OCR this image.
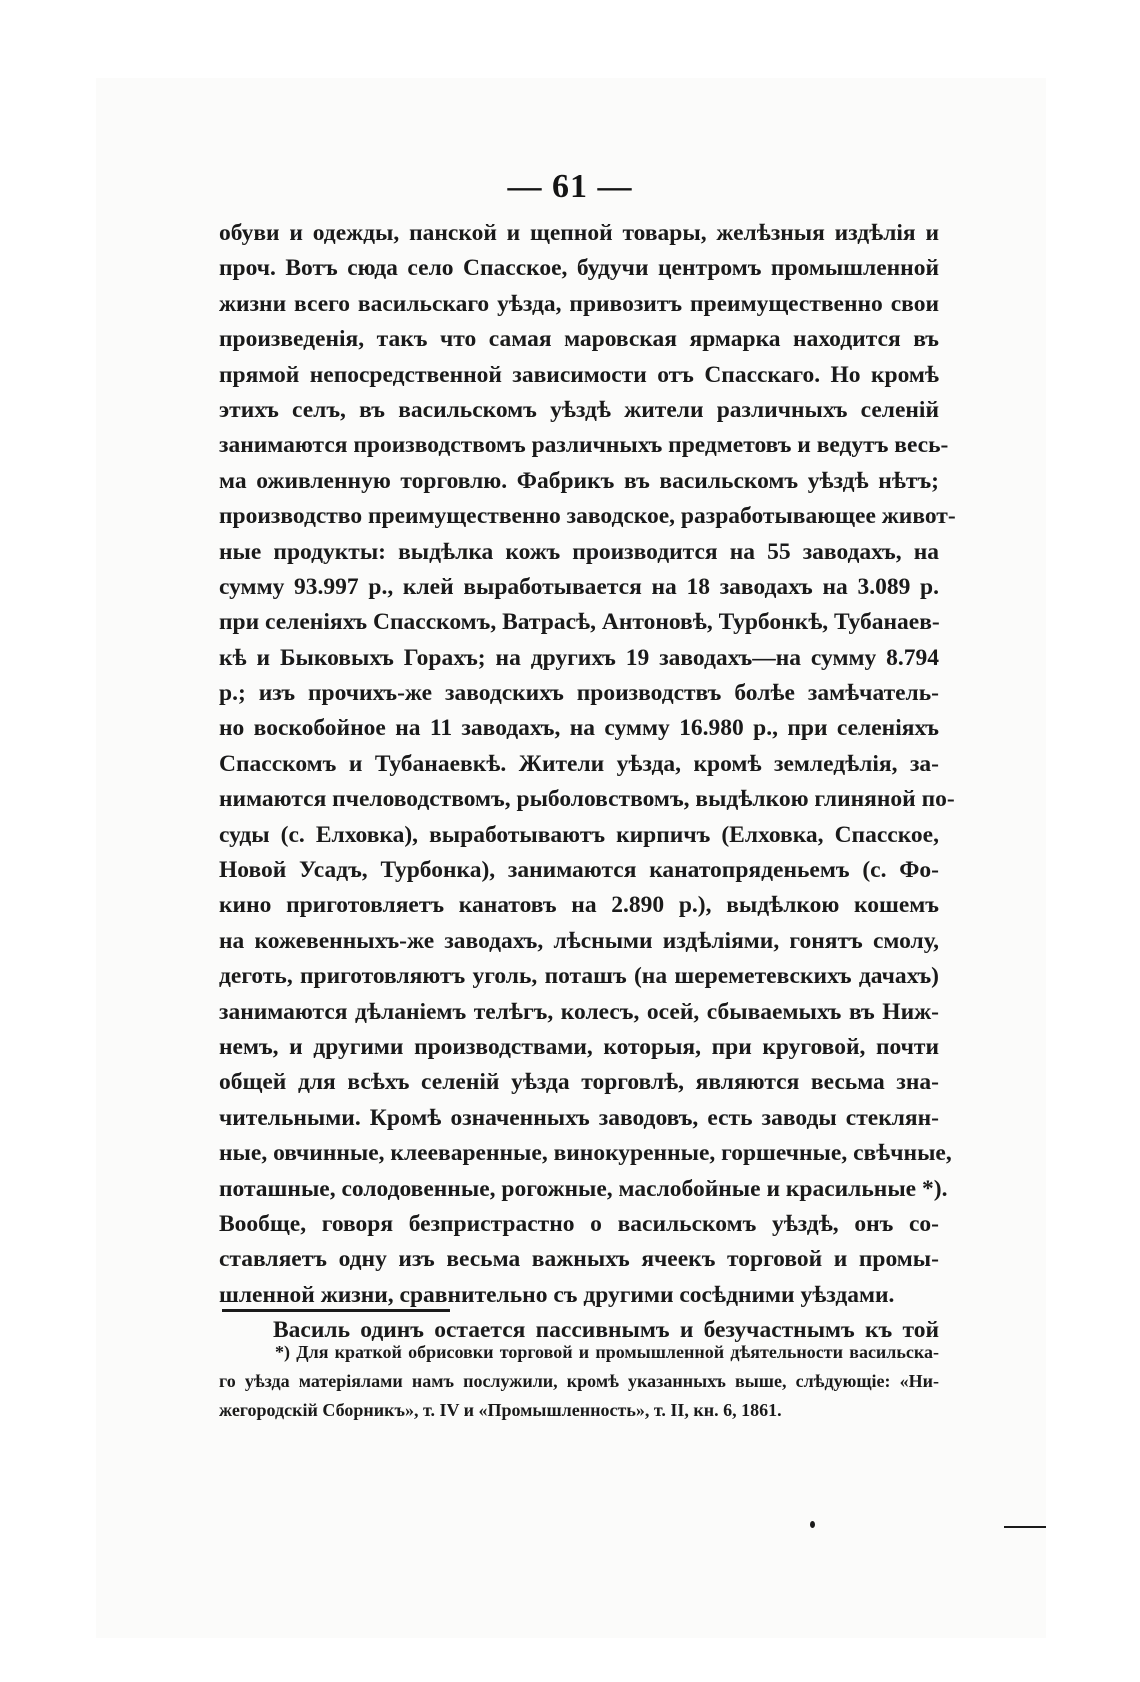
— 61 —
обуви и одежды, панской и щепной товары, желѣзныя издѣлія и
проч. Вотъ сюда село Спасское, будучи центромъ промышленной
жизни всего васильскаго уѣзда, привозитъ преимущественно свои
произведенія, такъ что самая маровская ярмарка находится въ
прямой непосредственной зависимости отъ Спасскаго. Но кромѣ
этихъ селъ, въ васильскомъ уѣздѣ жители различныхъ селеній
занимаются производствомъ различныхъ предметовъ и ведутъ весь-
ма оживленную торговлю. Фабрикъ въ васильскомъ уѣздѣ нѣтъ;
производство преимущественно заводское, разработывающее живот-
ные продукты: выдѣлка кожъ производится на 55 заводахъ, на
сумму 93.997 р., клей выработывается на 18 заводахъ на 3.089 р.
при селеніяхъ Спасскомъ, Ватрасѣ, Антоновѣ, Турбонкѣ, Тубанаев-
кѣ и Быковыхъ Горахъ; на другихъ 19 заводахъ—на сумму 8.794
р.; изъ прочихъ-же заводскихъ производствъ болѣе замѣчатель-
но воскобойное на 11 заводахъ, на сумму 16.980 р., при селеніяхъ
Спасскомъ и Тубанаевкѣ. Жители уѣзда, кромѣ земледѣлія, за-
нимаются пчеловодствомъ, рыболовствомъ, выдѣлкою глиняной по-
суды (с. Елховка), выработываютъ кирпичъ (Елховка, Спасское,
Новой Усадъ, Турбонка), занимаются канатопряденьемъ (с. Фо-
кино приготовляетъ канатовъ на 2.890 р.), выдѣлкою кошемъ
на кожевенныхъ-же заводахъ, лѣсными издѣліями, гонятъ смолу,
деготь, приготовляютъ уголь, поташъ (на шереметевскихъ дачахъ)
занимаются дѣланіемъ телѣгъ, колесъ, осей, сбываемыхъ въ Ниж-
немъ, и другими производствами, которыя, при круговой, почти
общей для всѣхъ селеній уѣзда торговлѣ, являются весьма зна-
чительными. Кромѣ означенныхъ заводовъ, есть заводы стеклян-
ные, овчинные, клееваренные, винокуренные, горшечные, свѣчные,
поташные, солодовенные, рогожные, маслобойные и красильные *).
Вообще, говоря безпристрастно о васильскомъ уѣздѣ, онъ со-
ставляетъ одну изъ весьма важныхъ ячеекъ торговой и промы-
шленной жизни, сравнительно съ другими сосѣдними уѣздами.
Василь одинъ остается пассивнымъ и безучастнымъ къ той
*) Для краткой обрисовки торговой и промышленной дѣятельности васильска-
го уѣзда матеріялами намъ послужили, кромѣ указанныхъ выше, слѣдующіе: «Ни-
жегородскій Сборникъ», т. IV и «Промышленность», т. II, кн. 6, 1861.
